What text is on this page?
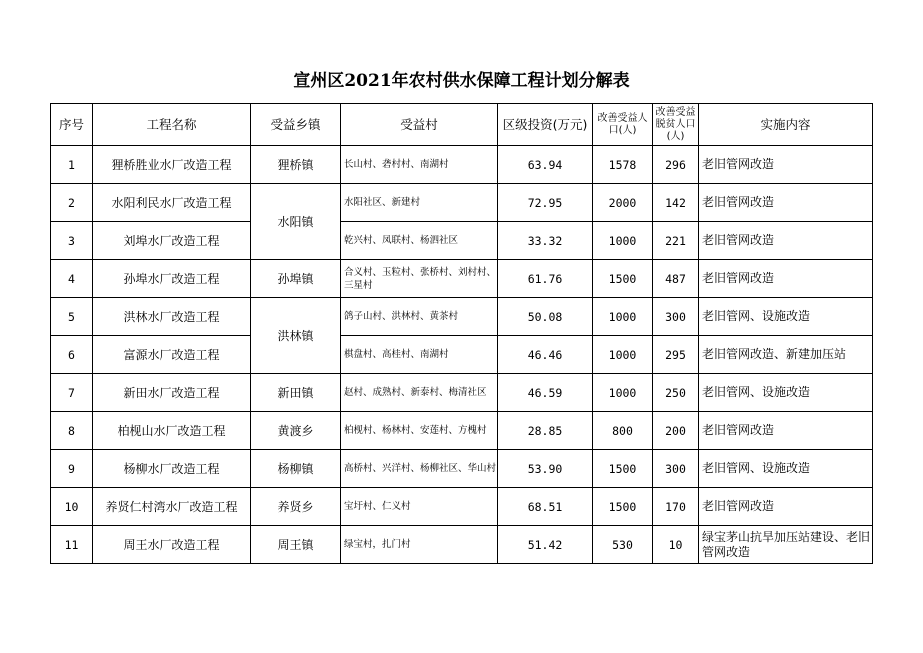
宣州区2021年农村供水保障工程计划分解表
序号	工程名称	受益乡镇	受益村	区级投资(万元)	改善受益人口(人)	改善受益脱贫人口(人)	实施内容
1	狸桥胜业水厂改造工程	狸桥镇	长山村、砻村村、南湖村	63.94	1578	296	老旧管网改造
2	水阳利民水厂改造工程	水阳镇	水阳社区、新建村	72.95	2000	142	老旧管网改造
3	刘埠水厂改造工程		乾兴村、凤联村、杨泗社区	33.32	1000	221	老旧管网改造
4	孙埠水厂改造工程	孙埠镇	合义村、玉粒村、张桥村、刘村村、三星村	61.76	1500	487	老旧管网改造
5	洪林水厂改造工程	洪林镇	鸽子山村、洪林村、黄茶村	50.08	1000	300	老旧管网、设施改造
6	富源水厂改造工程		棋盘村、高桂村、南湖村	46.46	1000	295	老旧管网改造、新建加压站
7	新田水厂改造工程	新田镇	赵村、成熟村、新泰村、梅清社区	46.59	1000	250	老旧管网、设施改造
8	柏枧山水厂改造工程	黄渡乡	柏枧村、杨林村、安莲村、方槐村	28.85	800	200	老旧管网改造
9	杨柳水厂改造工程	杨柳镇	高桥村、兴洋村、杨柳社区、华山村	53.90	1500	300	老旧管网、设施改造
10	养贤仁村湾水厂改造工程	养贤乡	宝圩村、仁义村	68.51	1500	170	老旧管网改造
11	周王水厂改造工程	周王镇	绿宝村，扎门村	51.42	530	10	绿宝茅山抗旱加压站建设、老旧管网改造
